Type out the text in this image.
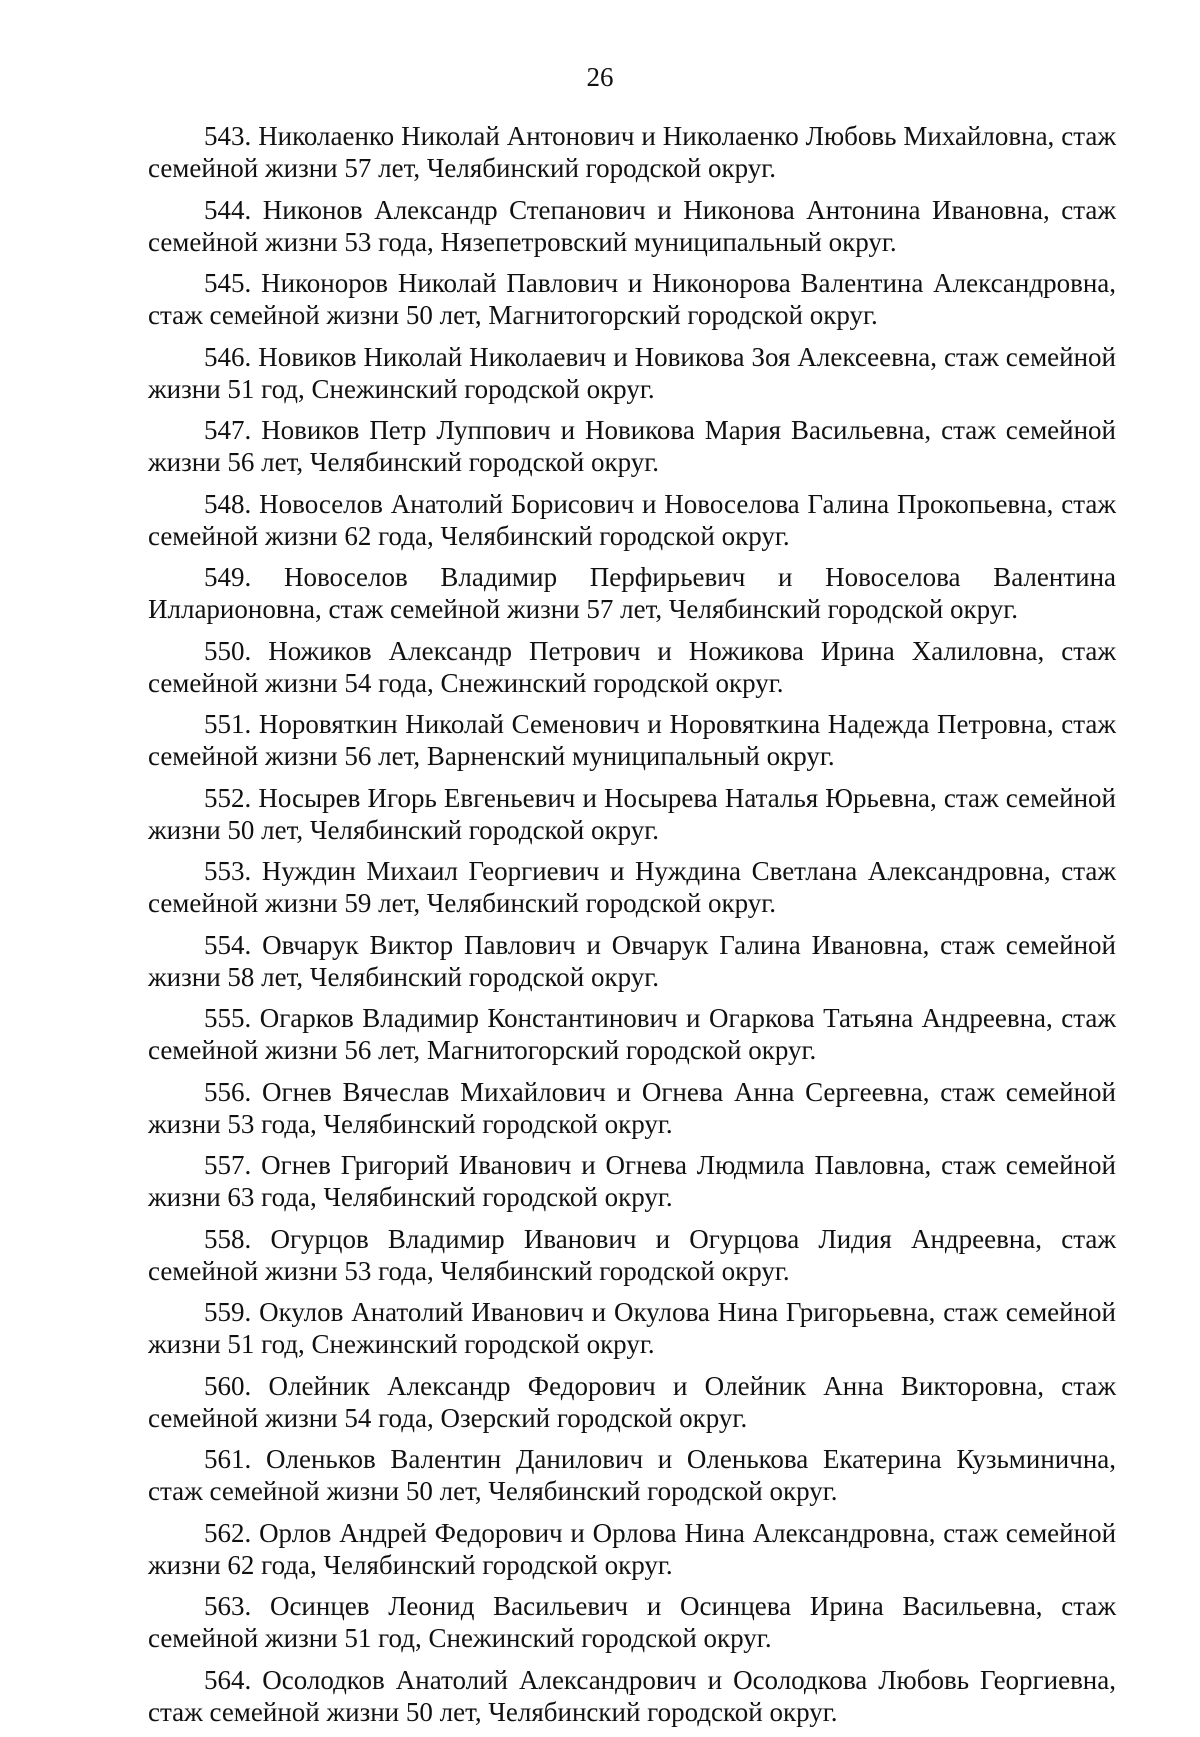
26

543. Николаенко Николай Антонович и Николаенко Любовь Михайловна, стаж семейной жизни 57 лет, Челябинский городской округ.

544. Никонов Александр Степанович и Никонова Антонина Ивановна, стаж семейной жизни 53 года, Нязепетровский муниципальный округ.

545. Никоноров Николай Павлович и Никонорова Валентина Александровна, стаж семейной жизни 50 лет, Магнитогорский городской округ.

546. Новиков Николай Николаевич и Новикова Зоя Алексеевна, стаж семейной жизни 51 год, Снежинский городской округ.

547. Новиков Петр Луппович и Новикова Мария Васильевна, стаж семейной жизни 56 лет, Челябинский городской округ.

548. Новоселов Анатолий Борисович и Новоселова Галина Прокопьевна, стаж семейной жизни 62 года, Челябинский городской округ.

549. Новоселов Владимир Перфирьевич и Новоселова Валентина Илларионовна, стаж семейной жизни 57 лет, Челябинский городской округ.

550. Ножиков Александр Петрович и Ножикова Ирина Халиловна, стаж семейной жизни 54 года, Снежинский городской округ.

551. Норовяткин Николай Семенович и Норовяткина Надежда Петровна, стаж семейной жизни 56 лет, Варненский муниципальный округ.

552. Носырев Игорь Евгеньевич и Носырева Наталья Юрьевна, стаж семейной жизни 50 лет, Челябинский городской округ.

553. Нуждин Михаил Георгиевич и Нуждина Светлана Александровна, стаж семейной жизни 59 лет, Челябинский городской округ.

554. Овчарук Виктор Павлович и Овчарук Галина Ивановна, стаж семейной жизни 58 лет, Челябинский городской округ.

555. Огарков Владимир Константинович и Огаркова Татьяна Андреевна, стаж семейной жизни 56 лет, Магнитогорский городской округ.

556. Огнев Вячеслав Михайлович и Огнева Анна Сергеевна, стаж семейной жизни 53 года, Челябинский городской округ.

557. Огнев Григорий Иванович и Огнева Людмила Павловна, стаж семейной жизни 63 года, Челябинский городской округ.

558. Огурцов Владимир Иванович и Огурцова Лидия Андреевна, стаж семейной жизни 53 года, Челябинский городской округ.

559. Окулов Анатолий Иванович и Окулова Нина Григорьевна, стаж семейной жизни 51 год, Снежинский городской округ.

560. Олейник Александр Федорович и Олейник Анна Викторовна, стаж семейной жизни 54 года, Озерский городской округ.

561. Оленьков Валентин Данилович и Оленькова Екатерина Кузьминична, стаж семейной жизни 50 лет, Челябинский городской округ.

562. Орлов Андрей Федорович и Орлова Нина Александровна, стаж семейной жизни 62 года, Челябинский городской округ.

563. Осинцев Леонид Васильевич и Осинцева Ирина Васильевна, стаж семейной жизни 51 год, Снежинский городской округ.

564. Осолодков Анатолий Александрович и Осолодкова Любовь Георгиевна, стаж семейной жизни 50 лет, Челябинский городской округ.
